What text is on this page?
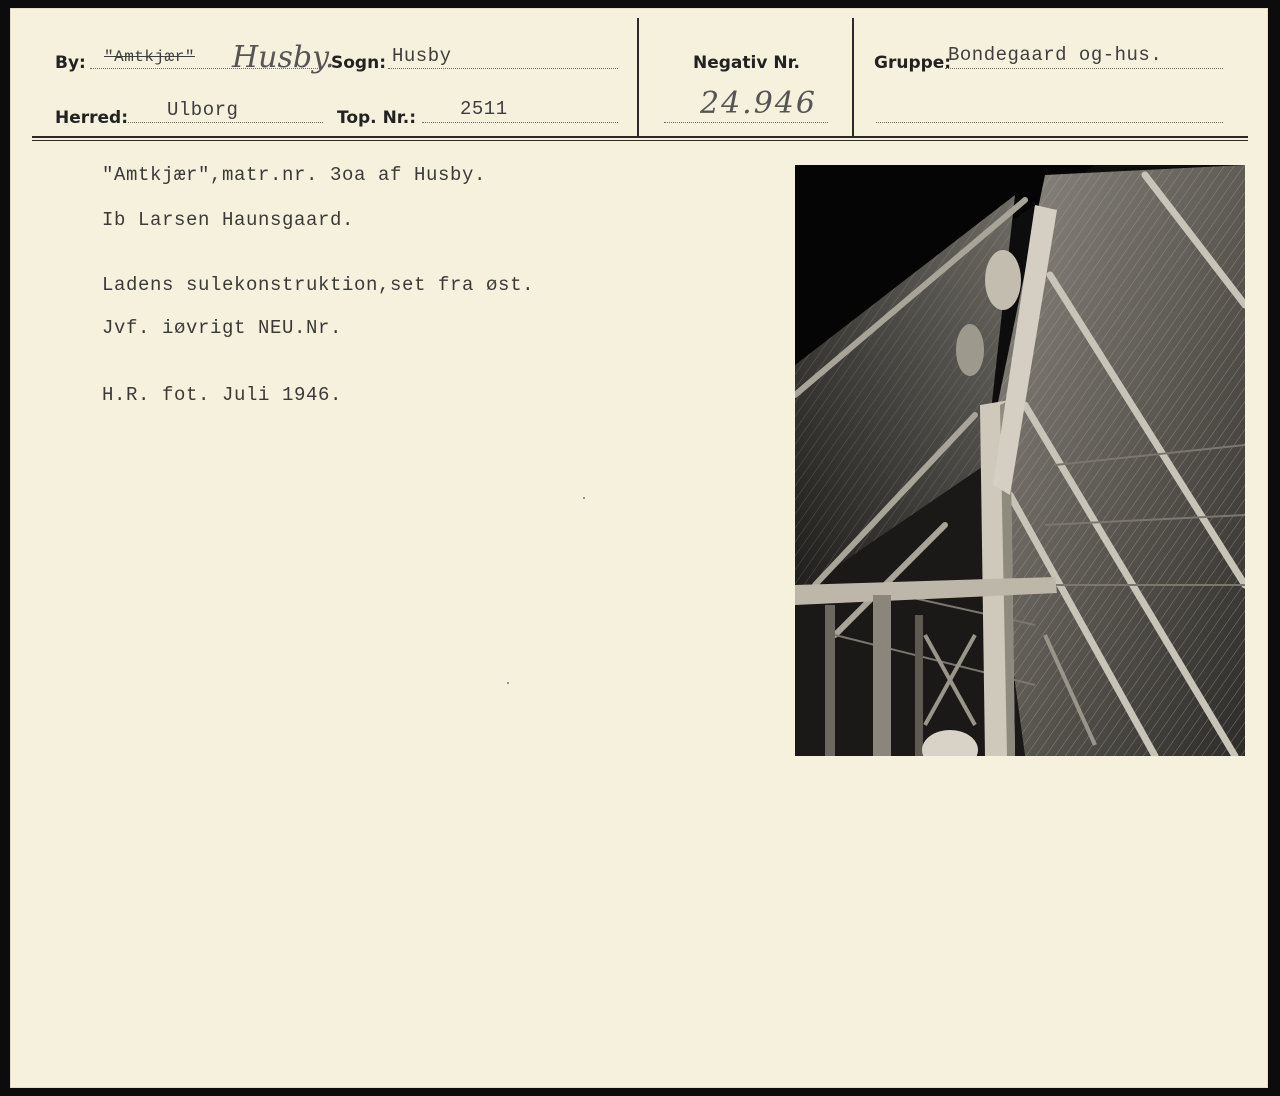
By: "Amtkjær" Husby.
Sogn: Husby
Herred: Ulborg	Top. Nr.: 2511
Negativ Nr.
24.946
Gruppe:
Bondegaard og-hus.
"Amtkjær",matr.nr. 3oa af Husby.
Ib Larsen Haunsgaard.
Ladens sulekonstruktion,set fra øst.
Jvf. iøvrigt NEU.Nr.
H.R. fot. Juli 1946.
